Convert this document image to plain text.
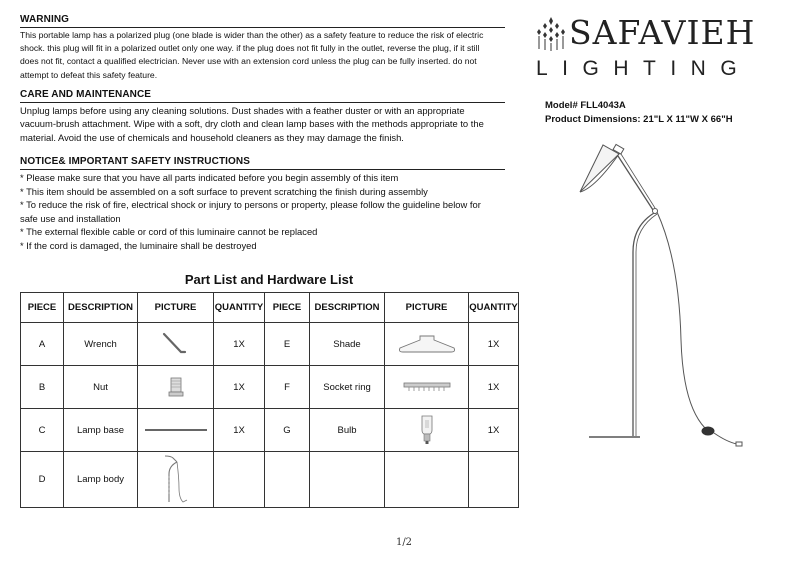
WARNING
This portable lamp has a polarized plug (one blade is wider than the other) as a safety feature to reduce the risk of electric
shock. this plug will fit in a polarized outlet only one way. if the plug does not fit fully in the outlet, reverse the plug, if it still
does not fit, contact a qualified electrician. Never use with an extension cord unless the plug can be fully inserted. do not
attempt to defeat this safety feature.
CARE AND MAINTENANCE
Unplug lamps before using any cleaning solutions. Dust shades with a feather duster or with an appropriate
vacuum-brush attachment. Wipe with a soft, dry cloth and clean lamp bases with the methods appropriate to the
material. Avoid the use of chemicals and household cleaners as they may damage the finish.
NOTICE& IMPORTANT SAFETY INSTRUCTIONS
* Please make sure that you have all parts indicated before you begin assembly of this item
* This item should be assembled on a soft surface to prevent scratching the finish during assembly
* To reduce the risk of fire, electrical shock or injury to persons or property, please follow the guideline below for
safe use and installation
* The external flexible cable or cord of this luminaire cannot be replaced
* If the cord is damaged, the luminaire shall be destroyed
SAFAVIEH
LIGHTING
Model# FLL4043A
Product Dimensions: 21"L X 11"W X 66"H
Part List and Hardware List
PIECE	DESCRIPTION	PICTURE	QUANTITY	PIECE	DESCRIPTION	PICTURE	QUANTITY
A	Wrench		1X	E	Shade		1X
B	Nut		1X	F	Socket ring		1X
C	Lamp base		1X	G	Bulb		1X
D	Lamp body	

1/2
